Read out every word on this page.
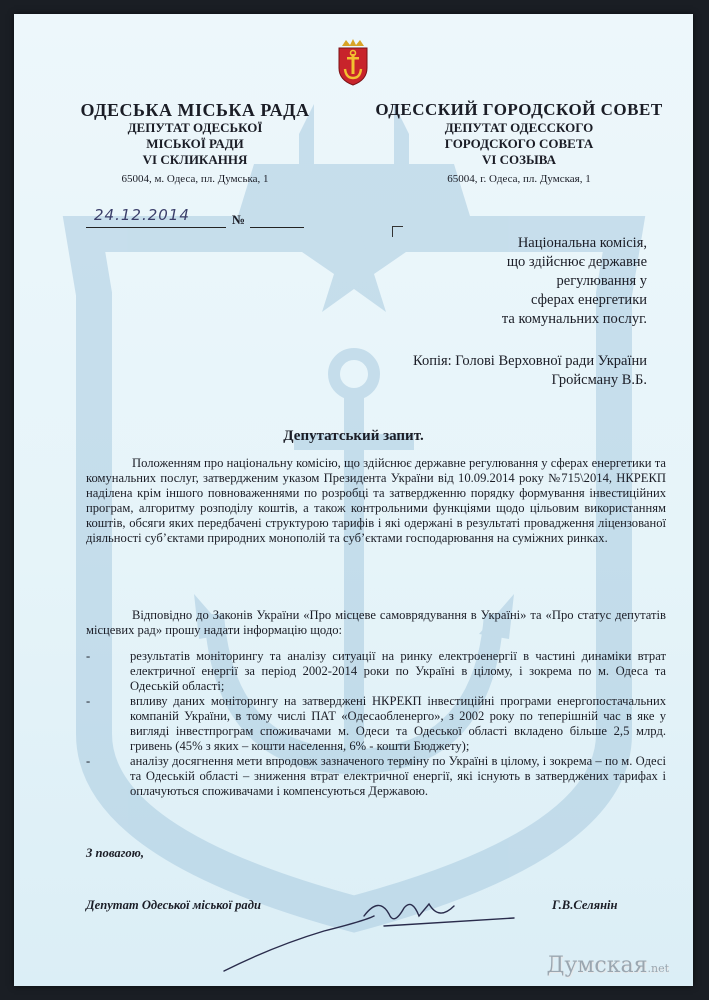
ОДЕСЬКА МІСЬКА РАДА
ДЕПУТАТ ОДЕСЬКОЇ
МІСЬКОЇ РАДИ
VI СКЛИКАННЯ
65004, м. Одеса, пл. Думська, 1
ОДЕССКИЙ ГОРОДСКОЙ СОВЕТ
ДЕПУТАТ ОДЕССКОГО
ГОРОДСКОГО СОВЕТА
VI СОЗЫВА
65004, г. Одеса, пл. Думская, 1
24.12.2014	№
Національна комісія,
що здійснює державне
регулювання у
сферах енергетики
та комунальних послуг.
Копія: Голові Верховної ради України
Гройсману В.Б.
Депутатський запит.
Положенням про національну комісію, що здійснює державне регулювання у сферах енергетики та комунальних послуг, затвердженим указом Президента України від 10.09.2014 року №715\2014, НКРЕКП наділена крім іншого повноваженнями по розробці та затвердженню порядку формування інвестиційних програм, алгоритму розподілу коштів, а також контрольними функціями щодо цільовим використанням коштів, обсяги яких передбачені структурою тарифів і які одержані в результаті провадження ліцензованої діяльності суб’єктами природних монополій та суб’єктами господарювання на суміжних ринках.
Відповідно до Законів України «Про місцеве самоврядування в Україні» та «Про статус депутатів місцевих рад» прошу надати інформацію щодо:
- результатів моніторингу та аналізу ситуації на ринку електроенергії в частині динаміки втрат електричної енергії за період 2002-2014 роки по Україні в цілому, і зокрема по м. Одеса та Одеській області;
- впливу даних моніторингу на затверджені НКРЕКП інвестиційні програми енергопостачальних компаній України, в тому числі ПАТ «Одесаобленерго», з 2002 року по теперішній час в яке у вигляді інвестпрограм споживачами м. Одеси та Одеської області вкладено більше 2,5 млрд. гривень (45% з яких – кошти населення, 6% - кошти Бюджету);
- аналізу досягнення мети впродовж зазначеного терміну по Україні в цілому, і зокрема – по м. Одесі та Одеській області – зниження втрат електричної енергії, які існують в затверджених тарифах і оплачуються споживачами і компенсуються Державою.
З повагою,
Депутат Одеської міської ради	Г.В.Селянін
Думская.net
